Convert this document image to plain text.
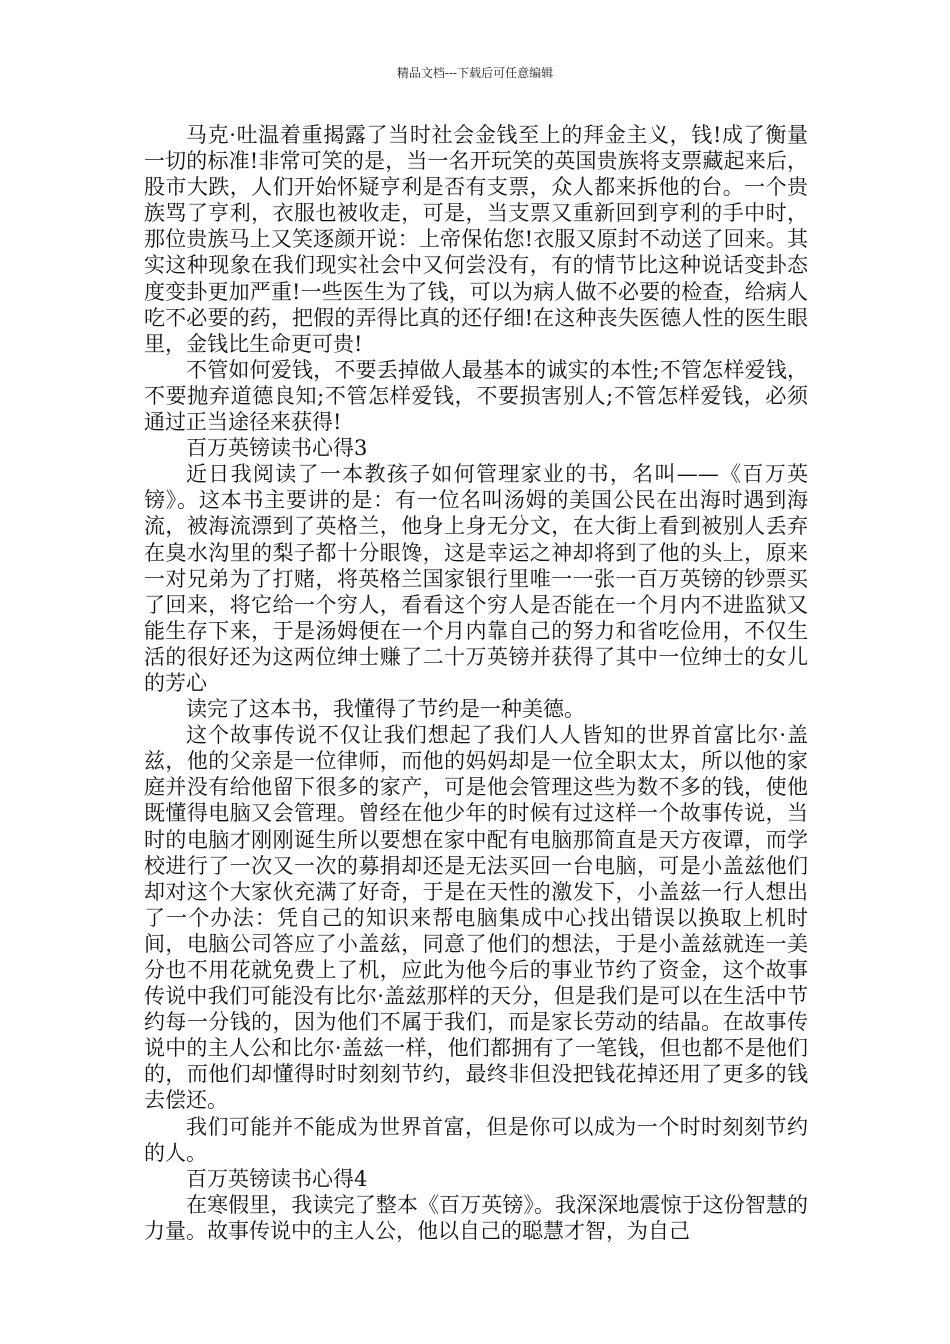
精品文档---下载后可任意编辑

马克·吐温着重揭露了当时社会金钱至上的拜金主义，钱!成了衡量一切的标准!非常可笑的是，当一名开玩笑的英国贵族将支票藏起来后，股市大跌，人们开始怀疑亨利是否有支票，众人都来拆他的台。一个贵族骂了亨利，衣服也被收走，可是，当支票又重新回到亨利的手中时，那位贵族马上又笑逐颜开说：上帝保佑您!衣服又原封不动送了回来。其实这种现象在我们现实社会中又何尝没有，有的情节比这种说话变卦态度变卦更加严重!一些医生为了钱，可以为病人做不必要的检查，给病人吃不必要的药，把假的弄得比真的还仔细!在这种丧失医德人性的医生眼里，金钱比生命更可贵!

不管如何爱钱，不要丢掉做人最基本的诚实的本性;不管怎样爱钱，不要抛弃道德良知;不管怎样爱钱，不要损害别人;不管怎样爱钱，必须通过正当途径来获得!

百万英镑读书心得3

近日我阅读了一本教孩子如何管理家业的书，名叫——《百万英镑》。这本书主要讲的是：有一位名叫汤姆的美国公民在出海时遇到海流，被海流漂到了英格兰，他身上身无分文，在大街上看到被别人丢弃在臭水沟里的梨子都十分眼馋，这是幸运之神却将到了他的头上，原来一对兄弟为了打赌，将英格兰国家银行里唯一一张一百万英镑的钞票买了回来，将它给一个穷人，看看这个穷人是否能在一个月内不进监狱又能生存下来，于是汤姆便在一个月内靠自己的努力和省吃俭用，不仅生活的很好还为这两位绅士赚了二十万英镑并获得了其中一位绅士的女儿的芳心

读完了这本书，我懂得了节约是一种美德。

这个故事传说不仅让我们想起了我们人人皆知的世界首富比尔·盖兹，他的父亲是一位律师，而他的妈妈却是一位全职太太，所以他的家庭并没有给他留下很多的家产，可是他会管理这些为数不多的钱，使他既懂得电脑又会管理。曾经在他少年的时候有过这样一个故事传说，当时的电脑才刚刚诞生所以要想在家中配有电脑那简直是天方夜谭，而学校进行了一次又一次的募捐却还是无法买回一台电脑，可是小盖兹他们却对这个大家伙充满了好奇，于是在天性的激发下，小盖兹一行人想出了一个办法：凭自己的知识来帮电脑集成中心找出错误以换取上机时间，电脑公司答应了小盖兹，同意了他们的想法，于是小盖兹就连一美分也不用花就免费上了机，应此为他今后的事业节约了资金，这个故事传说中我们可能没有比尔·盖兹那样的天分，但是我们是可以在生活中节约每一分钱的，因为他们不属于我们，而是家长劳动的结晶。在故事传说中的主人公和比尔·盖兹一样，他们都拥有了一笔钱，但也都不是他们的，而他们却懂得时时刻刻节约，最终非但没把钱花掉还用了更多的钱去偿还。

我们可能并不能成为世界首富，但是你可以成为一个时时刻刻节约的人。

百万英镑读书心得4

在寒假里，我读完了整本《百万英镑》。我深深地震惊于这份智慧的力量。故事传说中的主人公，他以自己的聪慧才智，为自己
